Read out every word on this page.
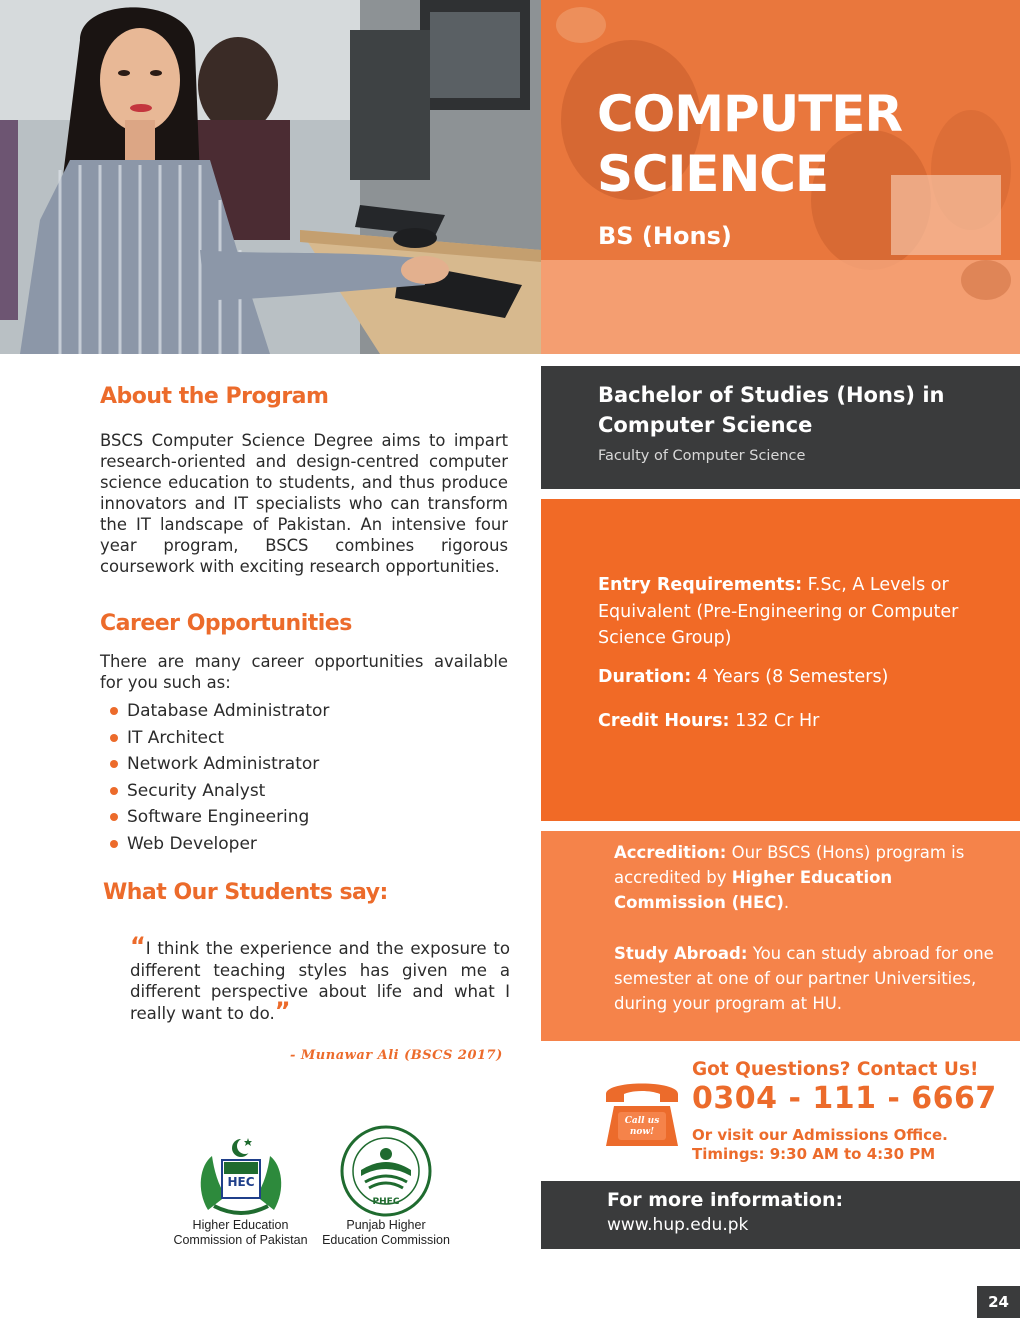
COMPUTER
SCIENCE
BS (Hons)
About the Program

BSCS Computer Science Degree aims to impart research-oriented and design-centred computer science education to students, and thus produce innovators and IT specialists who can transform the IT landscape of Pakistan. An intensive four year program, BSCS combines rigorous coursework with exciting research opportunities.

Career Opportunities

There are many career opportunities available for you such as:

Database Administrator
IT Architect
Network Administrator
Security Analyst
Software Engineering
Web Developer
What Our Students say:

“I think the experience and the exposure to different teaching styles has given me a different perspective about life and what I really want to do.”

- Munawar Ali (BSCS 2017)
HEC
Higher Education
Commission of Pakistan
PHEC
Punjab Higher
Education Commission
Bachelor of Studies (Hons) in Computer Science
Faculty of Computer Science
Entry Requirements: F.Sc, A Levels or Equivalent (Pre-Engineering or Computer Science Group)
Duration: 4 Years (8 Semesters)
Credit Hours: 132 Cr Hr
Accredition: Our BSCS (Hons) program is accredited by Higher Education Commission (HEC).
Study Abroad: You can study abroad for one semester at one of our partner Universities, during your program at HU.
Call us
now!
Got Questions? Contact Us!
0304 - 111 - 6667
Or visit our Admissions Office.
Timings: 9:30 AM to 4:30 PM
For more information:
www.hup.edu.pk
24
